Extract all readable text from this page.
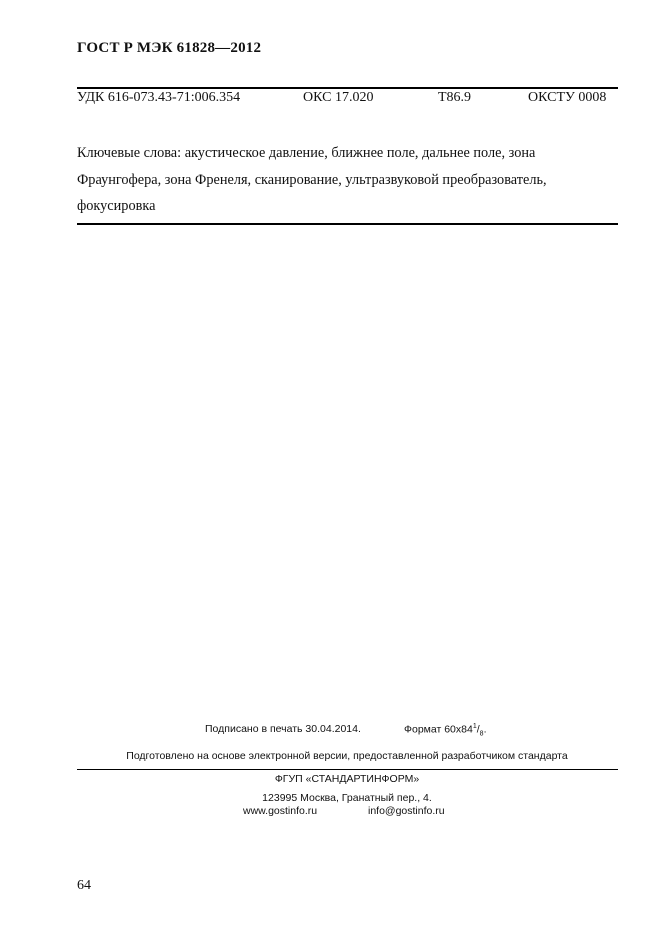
ГОСТ Р МЭК 61828—2012
УДК 616-073.43-71:006.354	ОКС 17.020	Т86.9	ОКСТУ 0008
Ключевые слова: акустическое давление, ближнее поле, дальнее поле, зона
Фраунгофера, зона Френеля, сканирование, ультразвуковой преобразователь,
фокусировка
Подписано в печать 30.04.2014.	Формат $60x84^1/_8$.
Подготовлено на основе электронной версии, предоставленной разработчиком стандарта
ФГУП «СТАНДАРТИНФОРМ»
123995 Москва, Гранатный пер., 4.
www.gostinfo.ru	info@gostinfo.ru
64
